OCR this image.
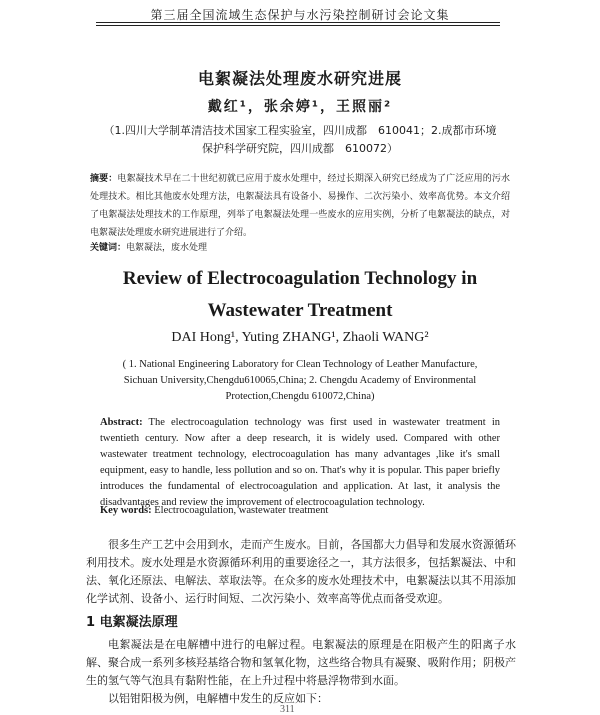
第三届全国流域生态保护与水污染控制研讨会论文集
电絮凝法处理废水研究进展
戴红¹，张余婷¹，王照丽²
（1.四川大学制革清洁技术国家工程实验室，四川成都　610041；2.成都市环境保护科学研究院，四川成都　610072）
摘要：电絮凝技术早在二十世纪初就已应用于废水处理中，经过长期深入研究已经成为了广泛应用的污水处理技术。相比其他废水处理方法，电絮凝法具有设备小、易操作、二次污染小、效率高优势。本文介绍了电絮凝法处理技术的工作原理，列举了电絮凝法处理一些废水的应用实例，分析了电絮凝法的缺点，对电絮凝法处理废水研究进展进行了介绍。
关键词：电絮凝法，废水处理
Review of Electrocoagulation Technology in
Wastewater Treatment
DAI Hong¹, Yuting ZHANG¹, Zhaoli WANG²
( 1. National Engineering Laboratory for Clean Technology of Leather Manufacture, Sichuan University,Chengdu610065,China; 2. Chengdu Academy of Environmental Protection,Chengdu 610072,China)
Abstract: The electrocoagulation technology was first used in wastewater treatment in twentieth century. Now after a deep research, it is widely used. Compared with other wastewater treatment technology, electrocoagulation has many advantages ,like it's small equipment, easy to handle, less pollution and so on. That's why it is popular. This paper briefly introduces the fundamental of electrocoagulation and application. At last, it analysis the disadvantages and review the improvement of electrocoagulation technology.
Key words: Electrocoagulation, wastewater treatment
很多生产工艺中会用到水，走而产生废水。目前，各国都大力倡导和发展水资源循环利用技术。废水处理是水资源循环利用的重要途径之一，其方法很多，包括絮凝法、中和法、氧化还原法、电解法、萃取法等。在众多的废水处理技术中，电絮凝法以其不用添加化学试剂、设备小、运行时间短、二次污染小、效率高等优点而备受欢迎。
1 电絮凝法原理
电絮凝法是在电解槽中进行的电解过程。电絮凝法的原理是在阳极产生的阳离子水解、聚合成一系列多核羟基络合物和氢氧化物，这些络合物具有凝聚、吸附作用；阴极产生的氢气等气泡具有黏附性能，在上升过程中将悬浮物带到水面。
以铝钳阳极为例，电解槽中发生的反应如下：
311
